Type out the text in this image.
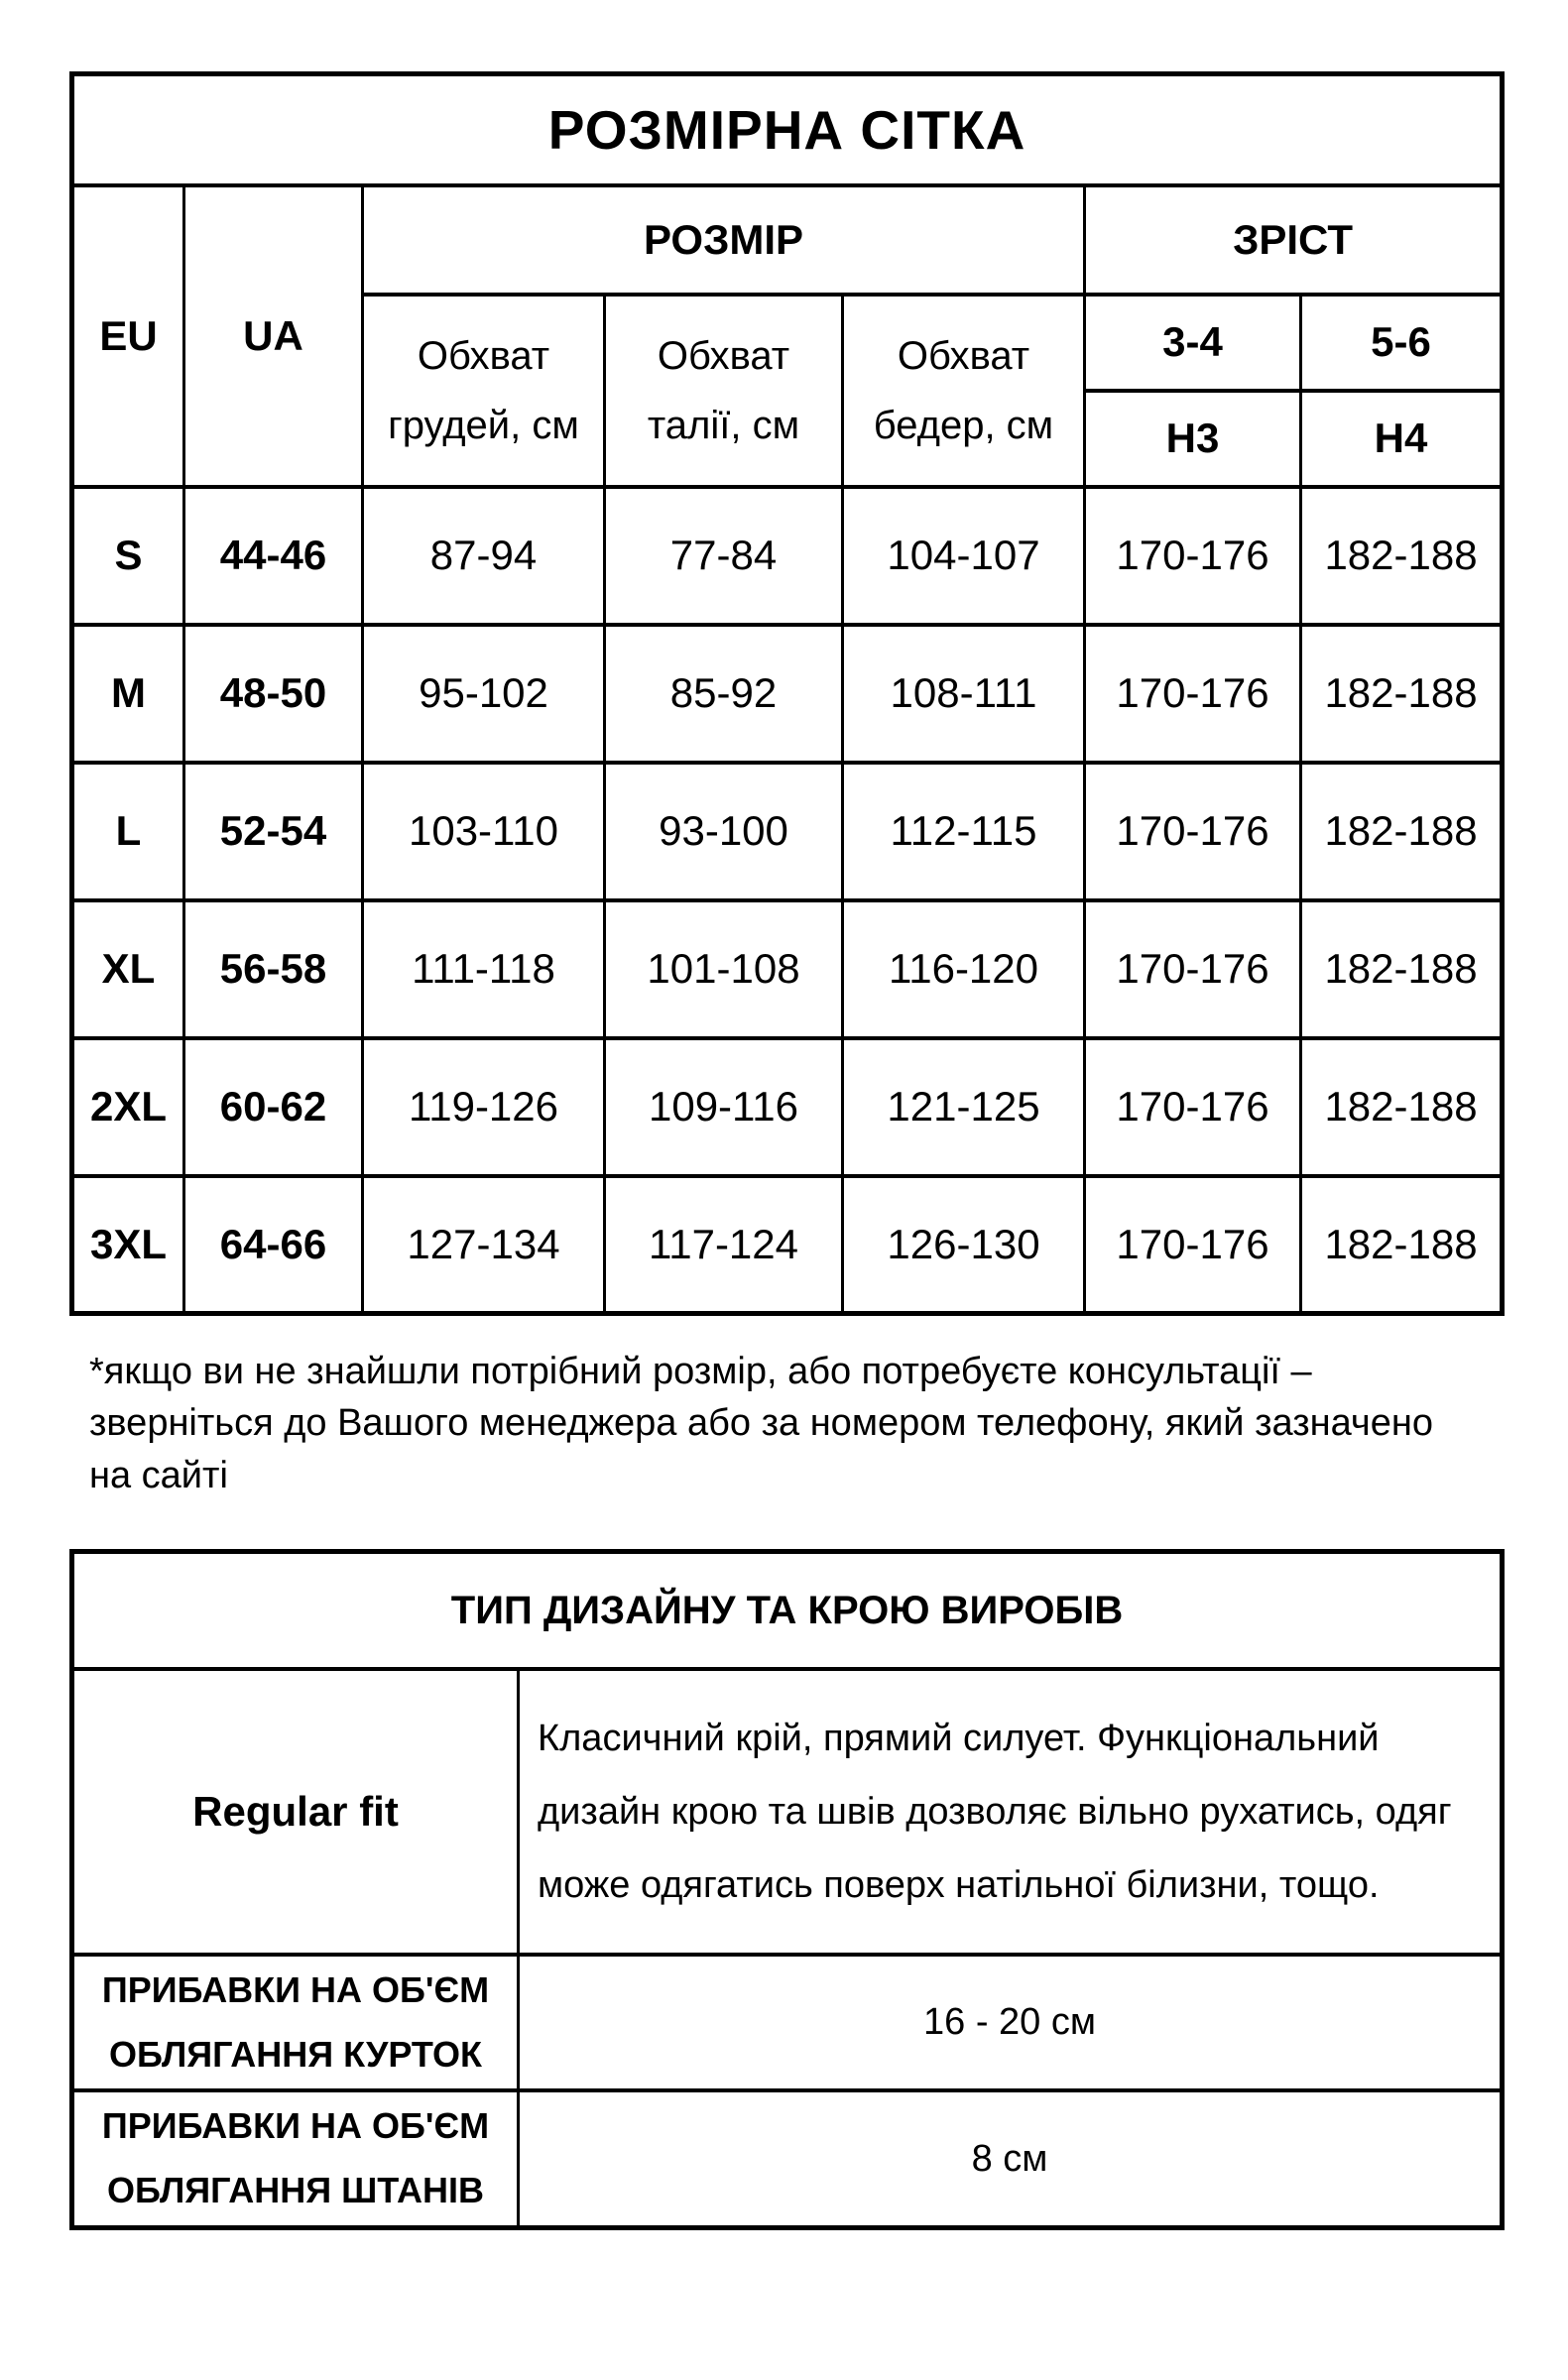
РОЗМІРНА СІТКА						
EU	UA	РОЗМІР			ЗРІСТ	
		Обхват грудей, см	Обхват талії, см	Обхват бедер, см	3-4	5-6
					Н3	Н4
S	44-46	87-94	77-84	104-107	170-176	182-188
M	48-50	95-102	85-92	108-111	170-176	182-188
L	52-54	103-110	93-100	112-115	170-176	182-188
XL	56-58	111-118	101-108	116-120	170-176	182-188
2XL	60-62	119-126	109-116	121-125	170-176	182-188
3XL	64-66	127-134	117-124	126-130	170-176	182-188

*якщо ви не знайшли потрібний розмір, або потребуєте консультації – зверніться до Вашого менеджера або за номером телефону, який зазначено на сайті

ТИП ДИЗАЙНУ ТА КРОЮ ВИРОБІВ	
Regular fit	Класичний крій, прямий силует. Функціональний дизайн крою та швів дозволяє вільно рухатись, одяг може одягатись поверх натільної білизни, тощо.
ПРИБАВКИ НА ОБ'ЄМ ОБЛЯГАННЯ КУРТОК	16 - 20 см
ПРИБАВКИ НА ОБ'ЄМ ОБЛЯГАННЯ ШТАНІВ	8 см
